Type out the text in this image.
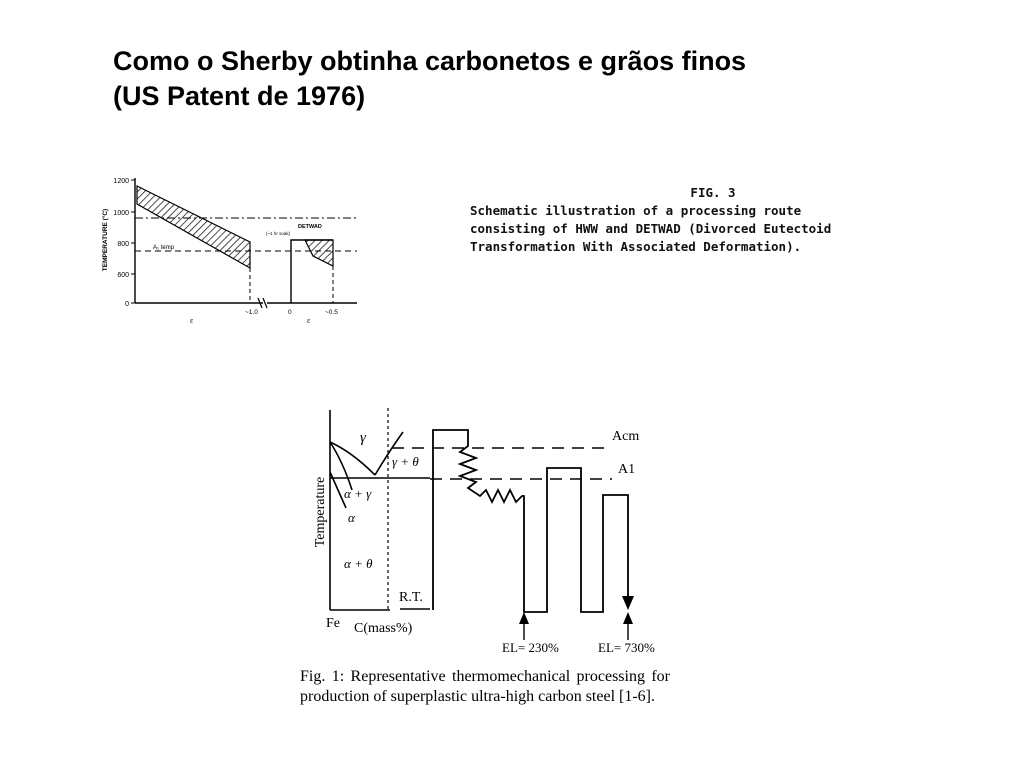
Como o Sherby obtinha carbonetos e grãos finos
(US Patent de 1976)
1200
1000
800
600
0
TEMPERATURE (°C)	A₁ temp
DETWAD
(~1 hr soak)
~1.0	0	~0.5
ε	ε
FIG. 3
Schematic illustration of a processing route
consisting of HWW and DETWAD (Divorced Eutectoid
Transformation With Associated Deformation).
γ
γ + θ
α + γ
α
α + θ
Temperature
Fe C(mass%)
Acm
A1
R.T.
EL= 230%	EL= 730%
Fig. 1: Representative thermomechanical processing for production of superplastic ultra-high carbon steel [1-6].
